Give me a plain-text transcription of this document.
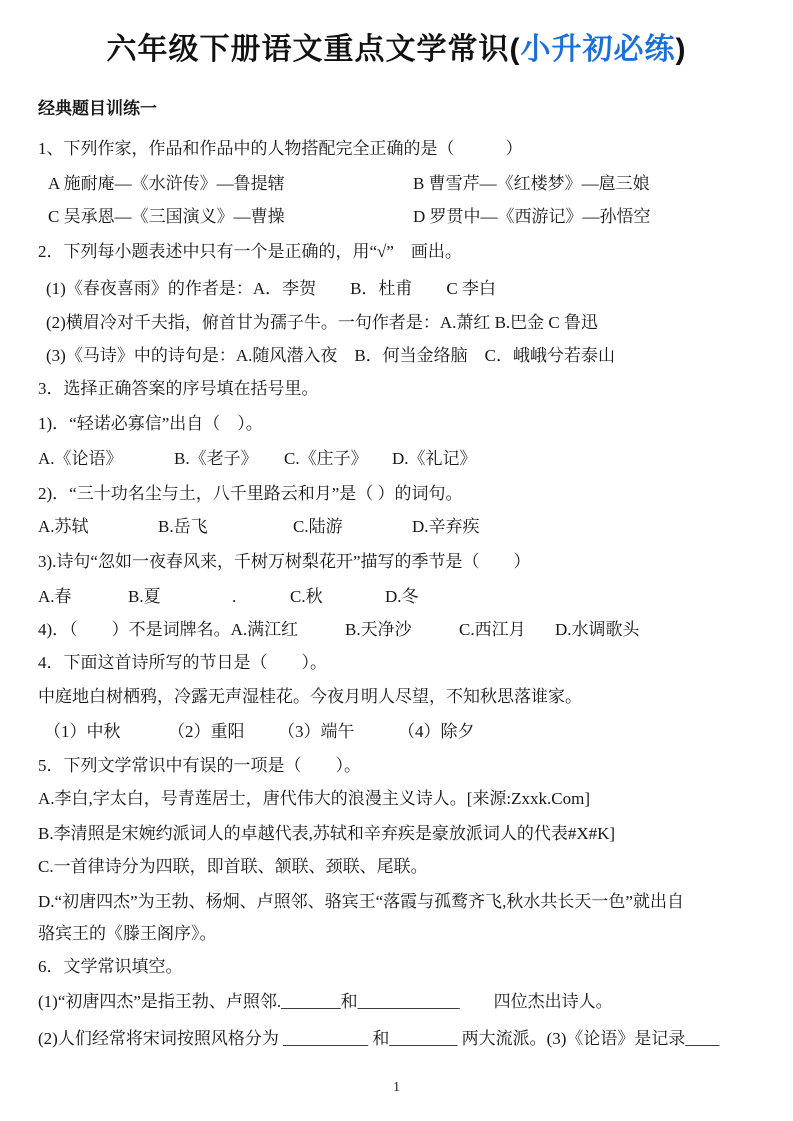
六年级下册语文重点文学常识(小升初必练)
经典题目训练一
1、下列作家，作品和作品中的人物搭配完全正确的是（　　　）
A 施耐庵—《水浒传》—鲁提辖	B 曹雪芹—《红楼梦》—扈三娘
C 吴承恩—《三国演义》—曹操	D 罗贯中—《西游记》—孙悟空
2．下列每小题表述中只有一个是正确的，用“√”　画出。
(1)《春夜喜雨》的作者是：A．李贺　　B．杜甫　　C 李白
(2)横眉冷对千夫指，俯首甘为孺子牛。一句作者是：A.萧红 B.巴金 C 鲁迅
(3)《马诗》中的诗句是：A.随风潜入夜　B．何当金络脑　C．峨峨兮若泰山
3．选择正确答案的序号填在括号里。
1)．“轻诺必寡信”出自（　）。
A.《论语》	B.《老子》 C.《庄子》 D.《礼记》
2)．“三十功名尘与土，八千里路云和月”是（ ）的词句。
A.苏轼	B.岳飞	C.陆游	D.辛弃疾
3).诗句“忽如一夜春风来，千树万树梨花开”描写的季节是（　　）
A.春	B.夏	.	C.秋	D.冬
4)．（　　）不是词牌名。A.满江红	B.天净沙	C.西江月 D.水调歌头
4．下面这首诗所写的节日是（　　）。
中庭地白树栖鸦，冷露无声湿桂花。今夜月明人尽望，不知秋思落谁家。
（1）中秋	（2）重阳 （3）端午	（4）除夕
5．下列文学常识中有误的一项是（　　）。
A.李白,字太白，号青莲居士，唐代伟大的浪漫主义诗人。[来源:Zxxk.Com]
B.李清照是宋婉约派词人的卓越代表,苏轼和辛弃疾是豪放派词人的代表#X#K]
C.一首律诗分为四联，即首联、颔联、颈联、尾联。
D.“初唐四杰”为王勃、杨炯、卢照邻、骆宾王“落霞与孤鹜齐飞,秋水共长天一色”就出自
骆宾王的《滕王阁序》。
6．文学常识填空。
(1)“初唐四杰”是指王勃、卢照邻._______和____________　　四位杰出诗人。
(2)人们经常将宋词按照风格分为 __________ 和________ 两大流派。(3)《论语》是记录____
1
